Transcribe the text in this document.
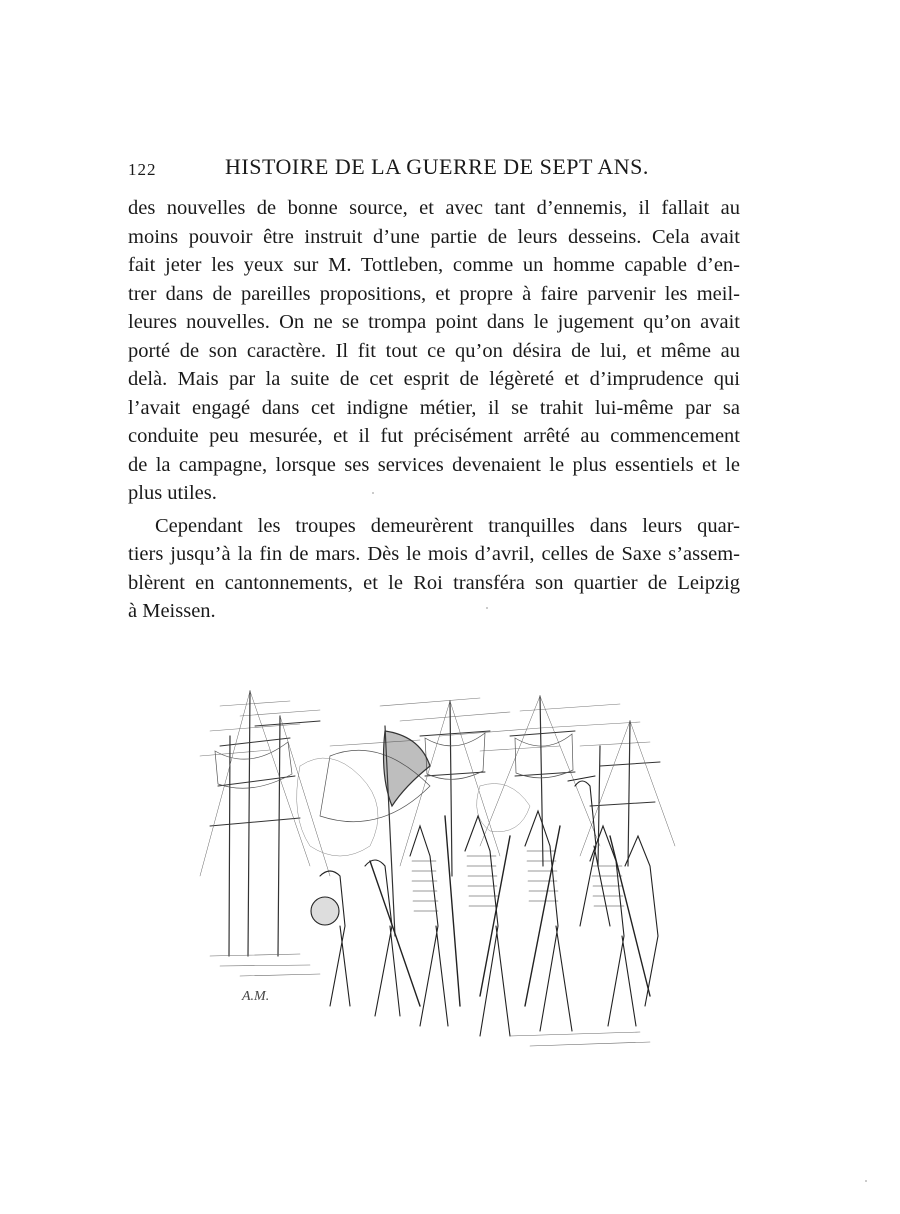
122	HISTOIRE DE LA GUERRE DE SEPT ANS.
des nouvelles de bonne source, et avec tant d’ennemis, il fallait au
moins pouvoir être instruit d’une partie de leurs desseins. Cela avait
fait jeter les yeux sur M. Tottleben, comme un homme capable d’en-
trer dans de pareilles propositions, et propre à faire parvenir les meil-
leures nouvelles. On ne se trompa point dans le jugement qu’on avait
porté de son caractère. Il fit tout ce qu’on désira de lui, et même au
delà. Mais par la suite de cet esprit de légèreté et d’imprudence qui
l’avait engagé dans cet indigne métier, il se trahit lui-même par sa
conduite peu mesurée, et il fut précisément arrêté au commencement
de la campagne, lorsque ses services devenaient le plus essentiels et le
plus utiles.
Cependant les troupes demeurèrent tranquilles dans leurs quar-
tiers jusqu’à la fin de mars. Dès le mois d’avril, celles de Saxe s’assem-
blèrent en cantonnements, et le Roi transféra son quartier de Leipzig
à Meissen.
A.M.
